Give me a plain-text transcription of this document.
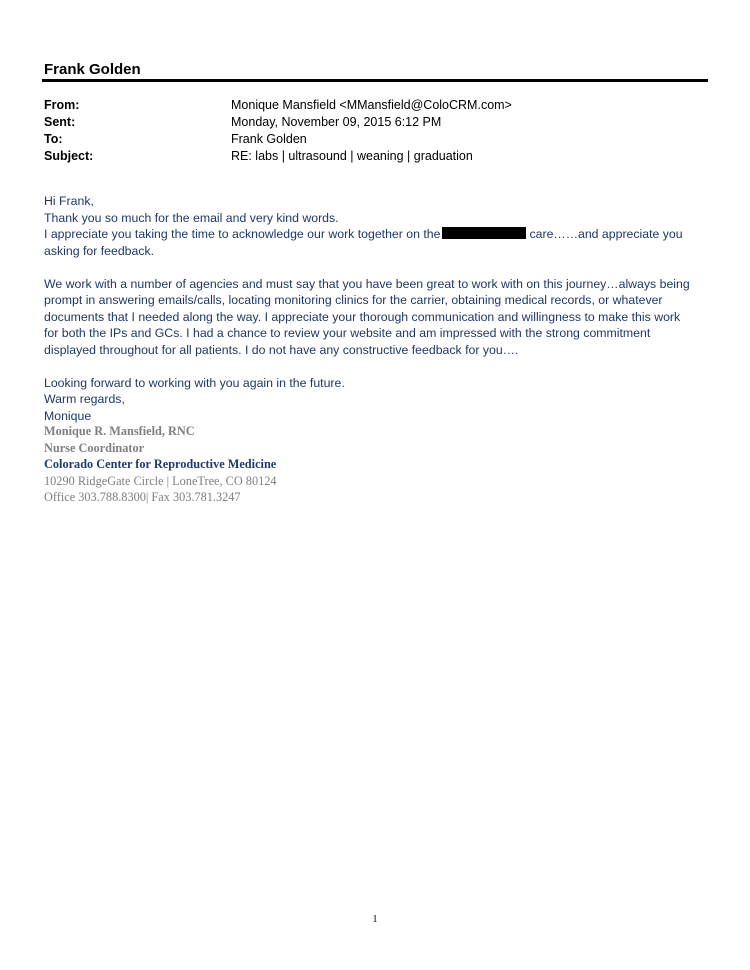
Frank Golden
From:	Monique Mansfield <MMansfield@ColoCRM.com>
Sent:	Monday, November 09, 2015 6:12 PM
To:	Frank Golden
Subject:	RE: labs | ultrasound | weaning | graduation

Hi Frank,

Thank you so much for the email and very kind words.

I appreciate you taking the time to acknowledge our work together on the	care……and appreciate you

asking for feedback.

We work with a number of agencies and must say that you have been great to work with on this journey…always being

prompt in answering emails/calls, locating monitoring clinics for the carrier, obtaining medical records, or whatever

documents that I needed along the way. I appreciate your thorough communication and willingness to make this work

for both the IPs and GCs. I had a chance to review your website and am impressed with the strong commitment

displayed throughout for all patients. I do not have any constructive feedback for you….

Looking forward to working with you again in the future.

Warm regards,

Monique

Monique R. Mansfield, RNC
Nurse Coordinator
Colorado Center for Reproductive Medicine
10290 RidgeGate Circle | LoneTree, CO 80124
Office 303.788.8300| Fax 303.781.3247
1
